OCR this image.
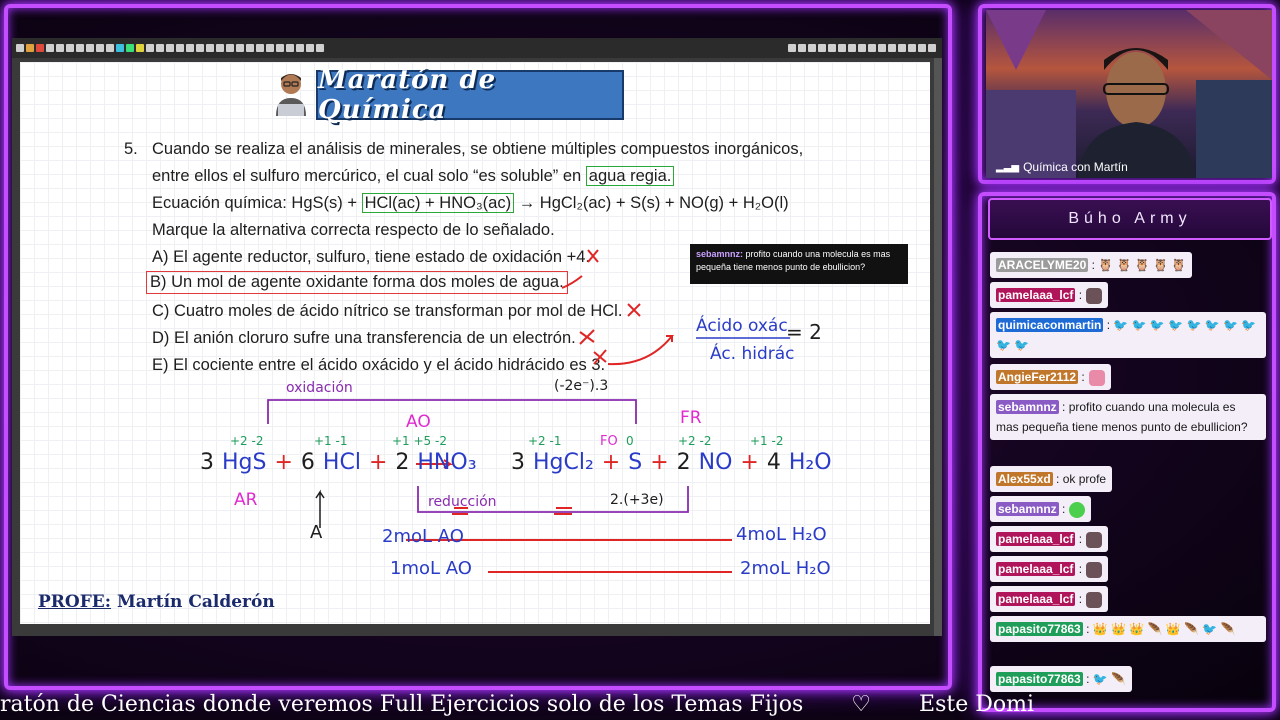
Maratón de Química
5. Cuando se realiza el análisis de minerales, se obtiene múltiples compuestos inorgánicos,
entre ellos el sulfuro mercúrico, el cual solo “es soluble” en agua regia.
Ecuación química: HgS(s) + HCl(ac) + HNO₃(ac) → HgCl₂(ac) + S(s) + NO(g) + H₂O(l)
Marque la alternativa correcta respecto de lo señalado.
A) El agente reductor, sulfuro, tiene estado de oxidación +4.
B) Un mol de agente oxidante forma dos moles de agua.
C) Cuatro moles de ácido nítrico se transforman por mol de HCl.
D) El anión cloruro sufre una transferencia de un electrón.
E) El cociente entre el ácido oxácido y el ácido hidrácido es 3.
Ácido oxác
Ác. hidrác
= 2
oxidación	(-2e⁻).3
AO	FR
+2 -2	+1 -1	+1 +5 -2	+2 -1	FO 0	+2 -2	+1 -2
3 HgS + 6 HCl + 2 HNO₃ 3 HgCl₂ + S + 2 NO + 4 H₂O
AR
A
reducción	2.(+3e)
2moL AO	4moL H₂O
1moL AO	2moL H₂O
PROFE: Martín Calderón
sebamnnz: profito cuando una molecula es mas pequeña tiene menos punto de ebullicion?
ratón de Ciencias donde veremos Full Ejercicios solo de los Temas Fijos ♡ Este Domi
▂▃▅ Química con Martín
Búho Army
ARACELYME20 : 🦉 🦉 🦉 🦉 🦉
pamelaaa_lcf :
quimicaconmartin : 🐦 🐦 🐦 🐦 🐦 🐦 🐦 🐦 🐦 🐦
AngieFer2112 :
sebamnnz : profito cuando una molecula es mas pequeña tiene menos punto de ebullicion?
Alex55xd : ok profe
sebamnnz :
pamelaaa_lcf :
pamelaaa_lcf :
pamelaaa_lcf :
papasito77863 : 👑 👑 👑 🪶 👑 🪶 🐦 🪶
papasito77863 : 🐦 🪶
